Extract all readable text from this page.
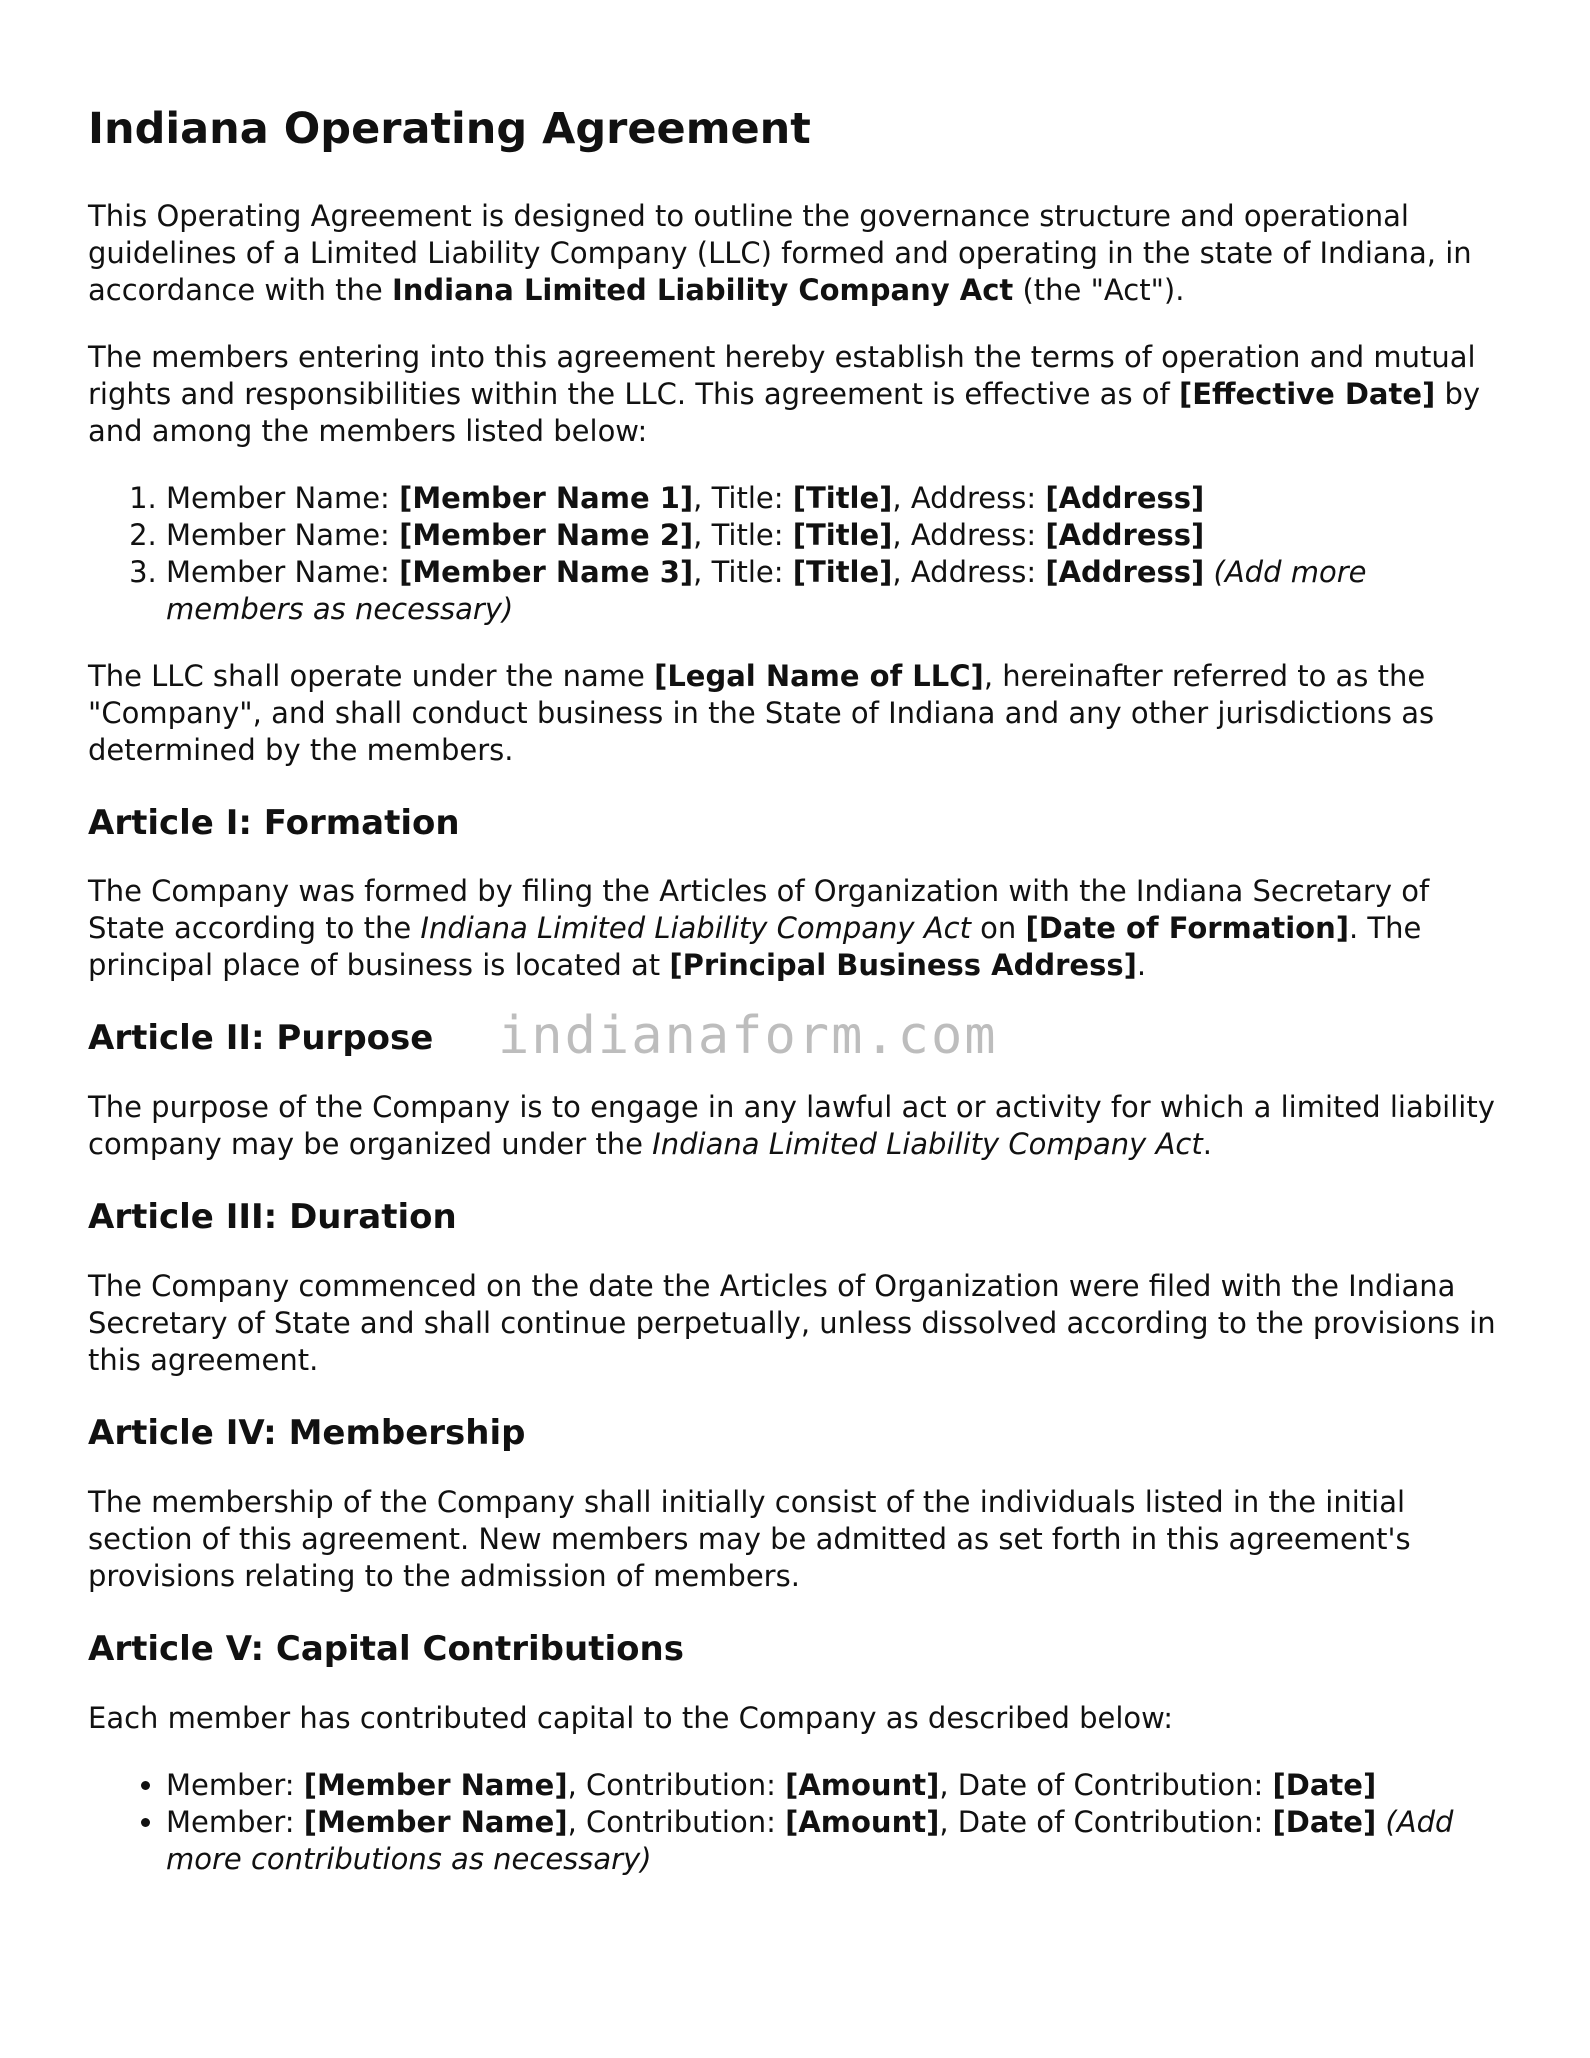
Indiana Operating Agreement

This Operating Agreement is designed to outline the governance structure and operational guidelines of a Limited Liability Company (LLC) formed and operating in the state of Indiana, in accordance with the Indiana Limited Liability Company Act (the "Act").

The members entering into this agreement hereby establish the terms of operation and mutual rights and responsibilities within the LLC. This agreement is effective as of [Effective Date] by and among the members listed below:

1. Member Name: [Member Name 1], Title: [Title], Address: [Address]
2. Member Name: [Member Name 2], Title: [Title], Address: [Address]
3. Member Name: [Member Name 3], Title: [Title], Address: [Address] (Add more members as necessary)

The LLC shall operate under the name [Legal Name of LLC], hereinafter referred to as the "Company", and shall conduct business in the State of Indiana and any other jurisdictions as determined by the members.

Article I: Formation

The Company was formed by filing the Articles of Organization with the Indiana Secretary of State according to the Indiana Limited Liability Company Act on [Date of Formation]. The principal place of business is located at [Principal Business Address].

Article II: Purpose

The purpose of the Company is to engage in any lawful act or activity for which a limited liability company may be organized under the Indiana Limited Liability Company Act.

Article III: Duration

The Company commenced on the date the Articles of Organization were filed with the Indiana Secretary of State and shall continue perpetually, unless dissolved according to the provisions in this agreement.

Article IV: Membership

The membership of the Company shall initially consist of the individuals listed in the initial section of this agreement. New members may be admitted as set forth in this agreement's provisions relating to the admission of members.

Article V: Capital Contributions

Each member has contributed capital to the Company as described below:

• Member: [Member Name], Contribution: [Amount], Date of Contribution: [Date]
• Member: [Member Name], Contribution: [Amount], Date of Contribution: [Date] (Add more contributions as necessary)
indianaform.com
